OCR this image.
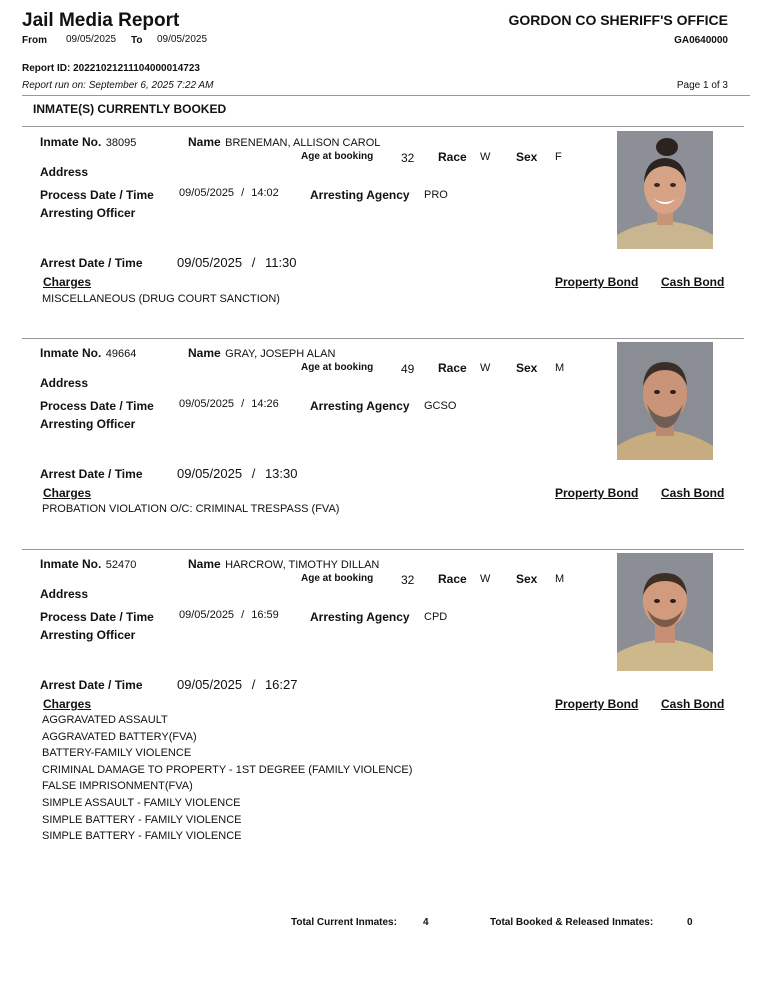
Jail Media Report
From 09/05/2025 To 09/05/2025
GORDON CO SHERIFF'S OFFICE
GA0640000
Report ID: 20221021211104000014723
Report run on: September 6, 2025 7:22 AM	Page 1 of 3
INMATE(S) CURRENTLY BOOKED
Inmate No. 38095	Name BRENEMAN, ALLISON CAROL
Age at booking 32 Race W Sex F
Address
Process Date / Time 09/05/2025 / 14:02	Arresting Agency PRO
Arresting Officer
Arrest Date / Time	09/05/2025 / 11:30
Charges	Property Bond Cash Bond
MISCELLANEOUS (DRUG COURT SANCTION)
Inmate No. 49664	Name GRAY, JOSEPH ALAN
Age at booking 49 Race W Sex M
Address
Process Date / Time 09/05/2025 / 14:26	Arresting Agency GCSO
Arresting Officer
Arrest Date / Time	09/05/2025 / 13:30
Charges	Property Bond Cash Bond
PROBATION VIOLATION O/C: CRIMINAL TRESPASS (FVA)
Inmate No. 52470	Name HARCROW, TIMOTHY DILLAN
Age at booking 32 Race W Sex M
Address
Process Date / Time 09/05/2025 / 16:59	Arresting Agency CPD
Arresting Officer
Arrest Date / Time	09/05/2025 / 16:27
Charges	Property Bond Cash Bond
AGGRAVATED ASSAULT
AGGRAVATED BATTERY(FVA)
BATTERY-FAMILY VIOLENCE
CRIMINAL DAMAGE TO PROPERTY - 1ST DEGREE (FAMILY VIOLENCE)
FALSE IMPRISONMENT(FVA)
SIMPLE ASSAULT - FAMILY VIOLENCE
SIMPLE BATTERY - FAMILY VIOLENCE
SIMPLE BATTERY - FAMILY VIOLENCE
Total Current Inmates:	4	Total Booked & Released Inmates:	0
